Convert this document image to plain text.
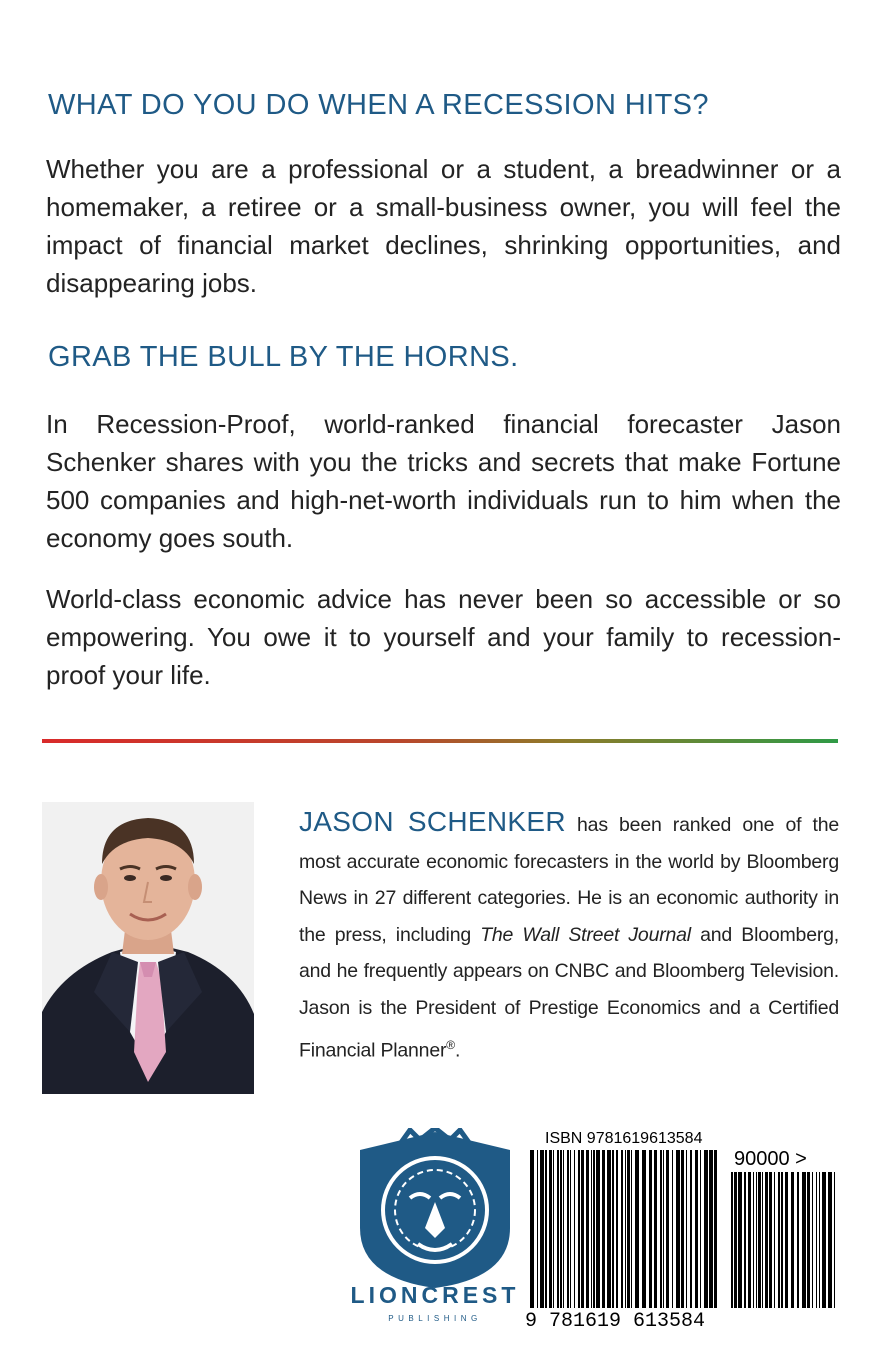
WHAT DO YOU DO WHEN A RECESSION HITS?

Whether you are a professional or a student, a breadwinner or a homemaker, a retiree or a small-business owner, you will feel the impact of financial market declines, shrinking opportunities, and disappearing jobs.

GRAB THE BULL BY THE HORNS.

In Recession-Proof, world-ranked financial forecaster Jason Schenker shares with you the tricks and secrets that make Fortune 500 companies and high-net-worth individuals run to him when the economy goes south.

World-class economic advice has never been so accessible or so empowering. You owe it to yourself and your family to recession-proof your life.

JASON SCHENKER has been ranked one of the most accurate economic forecasters in the world by Bloomberg News in 27 different categories. He is an economic authority in the press, including The Wall Street Journal and Bloomberg, and he frequently appears on CNBC and Bloomberg Television. Jason is the President of Prestige Economics and a Certified Financial Planner®.

LIONCREST
PUBLISHING
ISBN 9781619613584
9 781619 613584
90000 >
